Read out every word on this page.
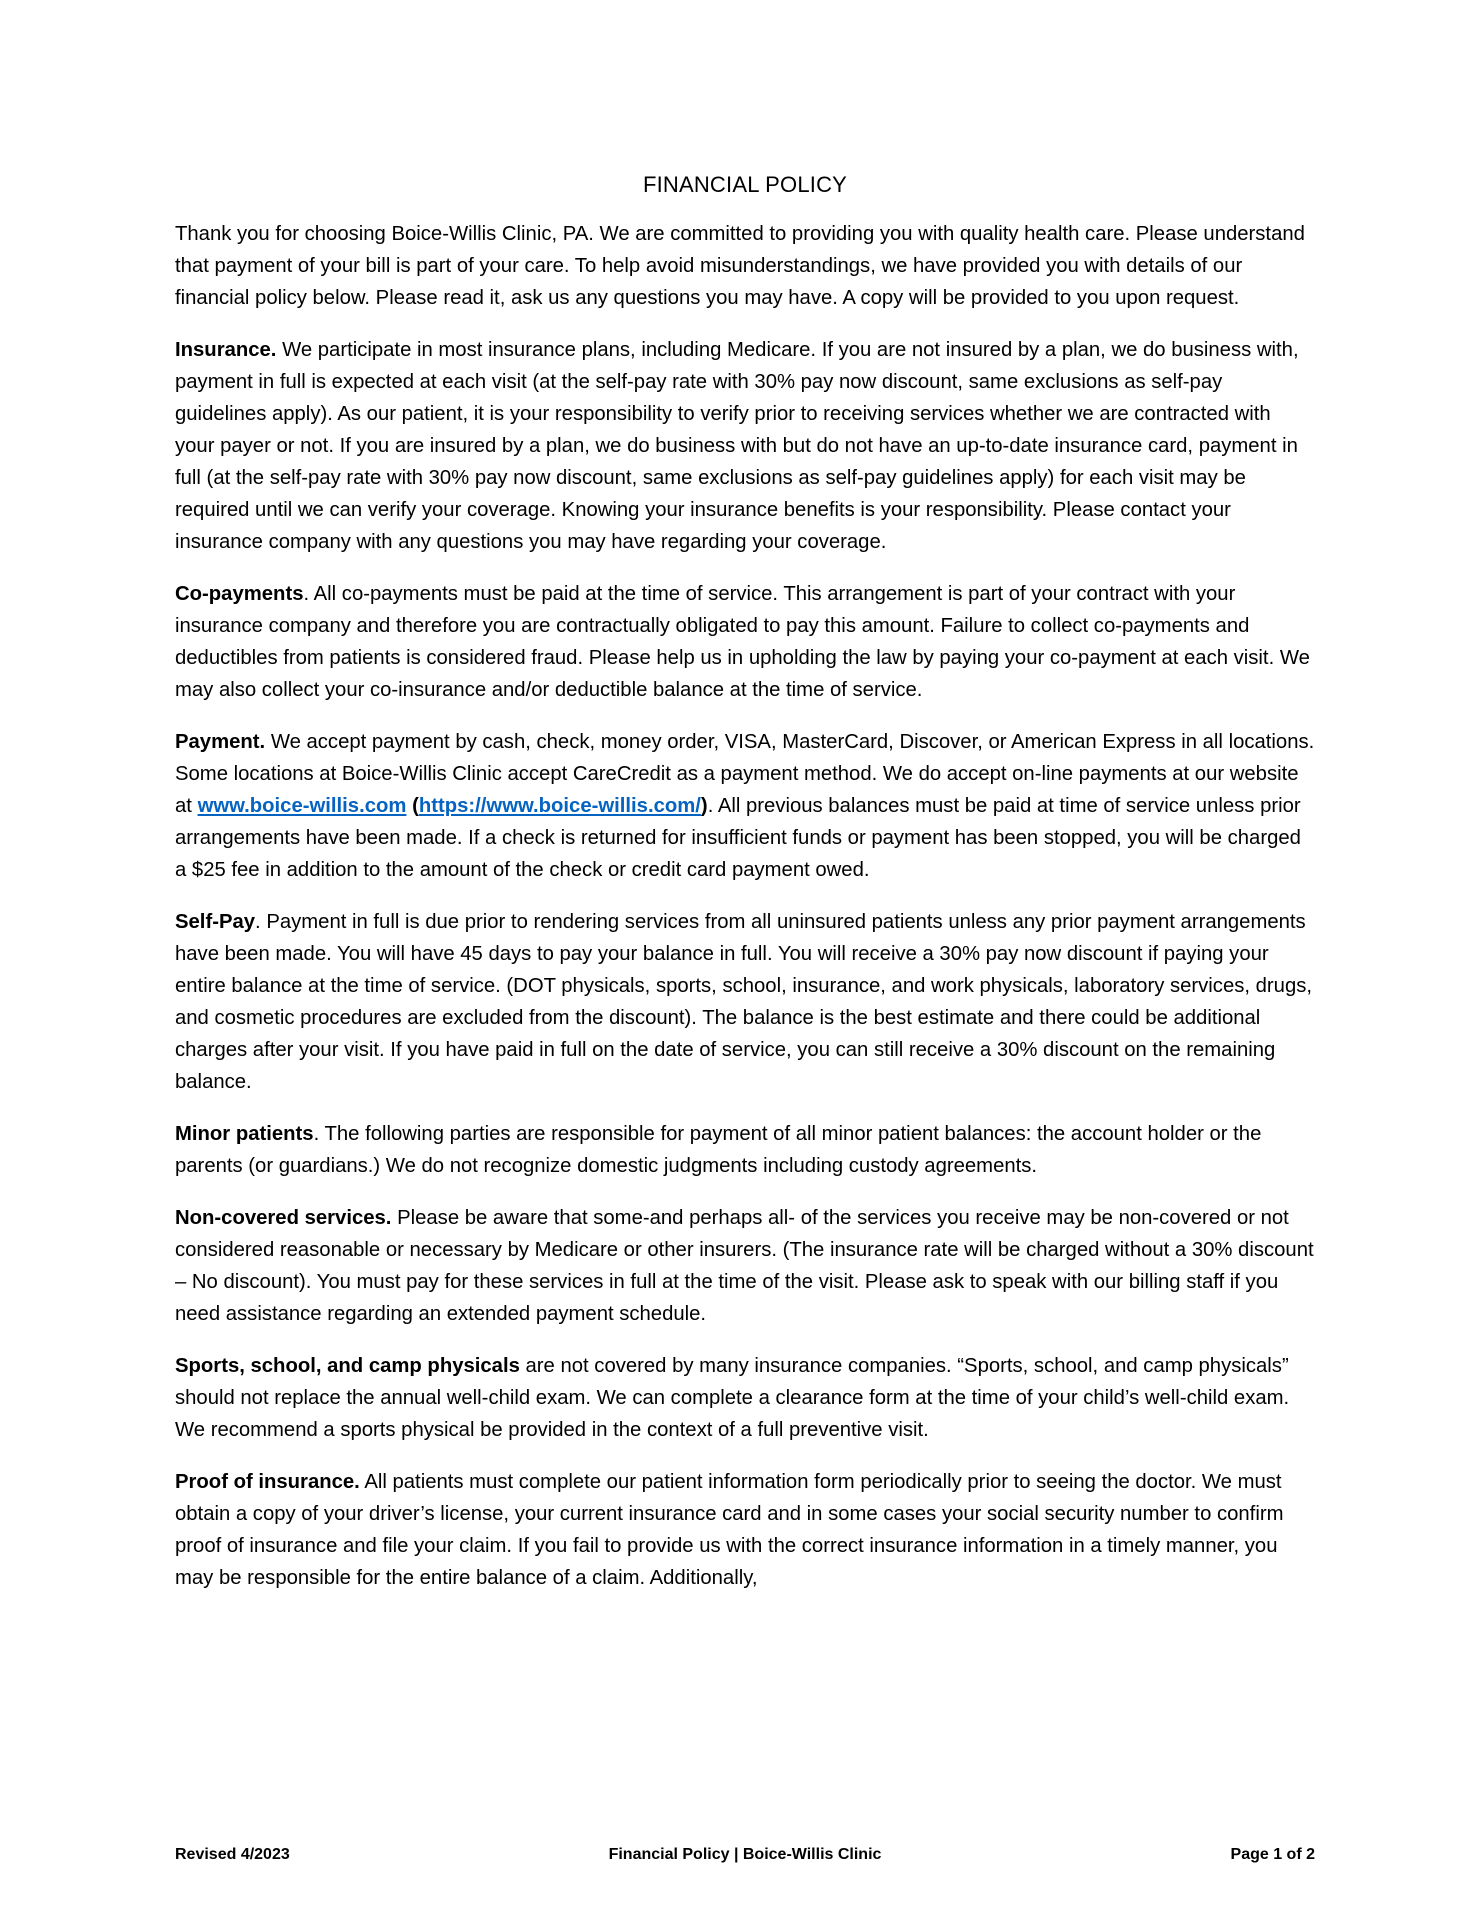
FINANCIAL POLICY

Thank you for choosing Boice-Willis Clinic, PA. We are committed to providing you with quality health care. Please understand that payment of your bill is part of your care. To help avoid misunderstandings, we have provided you with details of our financial policy below. Please read it, ask us any questions you may have. A copy will be provided to you upon request.

Insurance. We participate in most insurance plans, including Medicare. If you are not insured by a plan, we do business with, payment in full is expected at each visit (at the self-pay rate with 30% pay now discount, same exclusions as self-pay guidelines apply). As our patient, it is your responsibility to verify prior to receiving services whether we are contracted with your payer or not. If you are insured by a plan, we do business with but do not have an up-to-date insurance card, payment in full (at the self-pay rate with 30% pay now discount, same exclusions as self-pay guidelines apply) for each visit may be required until we can verify your coverage. Knowing your insurance benefits is your responsibility. Please contact your insurance company with any questions you may have regarding your coverage.

Co-payments. All co-payments must be paid at the time of service. This arrangement is part of your contract with your insurance company and therefore you are contractually obligated to pay this amount. Failure to collect co-payments and deductibles from patients is considered fraud. Please help us in upholding the law by paying your co-payment at each visit. We may also collect your co-insurance and/or deductible balance at the time of service.

Payment. We accept payment by cash, check, money order, VISA, MasterCard, Discover, or American Express in all locations. Some locations at Boice-Willis Clinic accept CareCredit as a payment method. We do accept on-line payments at our website at www.boice-willis.com (https://www.boice-willis.com/). All previous balances must be paid at time of service unless prior arrangements have been made. If a check is returned for insufficient funds or payment has been stopped, you will be charged a $25 fee in addition to the amount of the check or credit card payment owed.

Self-Pay. Payment in full is due prior to rendering services from all uninsured patients unless any prior payment arrangements have been made. You will have 45 days to pay your balance in full. You will receive a 30% pay now discount if paying your entire balance at the time of service. (DOT physicals, sports, school, insurance, and work physicals, laboratory services, drugs, and cosmetic procedures are excluded from the discount). The balance is the best estimate and there could be additional charges after your visit. If you have paid in full on the date of service, you can still receive a 30% discount on the remaining balance.

Minor patients. The following parties are responsible for payment of all minor patient balances: the account holder or the parents (or guardians.) We do not recognize domestic judgments including custody agreements.

Non-covered services. Please be aware that some-and perhaps all- of the services you receive may be non-covered or not considered reasonable or necessary by Medicare or other insurers. (The insurance rate will be charged without a 30% discount – No discount). You must pay for these services in full at the time of the visit. Please ask to speak with our billing staff if you need assistance regarding an extended payment schedule.

Sports, school, and camp physicals are not covered by many insurance companies. “Sports, school, and camp physicals” should not replace the annual well-child exam. We can complete a clearance form at the time of your child’s well-child exam. We recommend a sports physical be provided in the context of a full preventive visit.

Proof of insurance. All patients must complete our patient information form periodically prior to seeing the doctor. We must obtain a copy of your driver’s license, your current insurance card and in some cases your social security number to confirm proof of insurance and file your claim. If you fail to provide us with the correct insurance information in a timely manner, you may be responsible for the entire balance of a claim. Additionally,

Revised 4/2023	Financial Policy | Boice-Willis Clinic	Page 1 of 2
